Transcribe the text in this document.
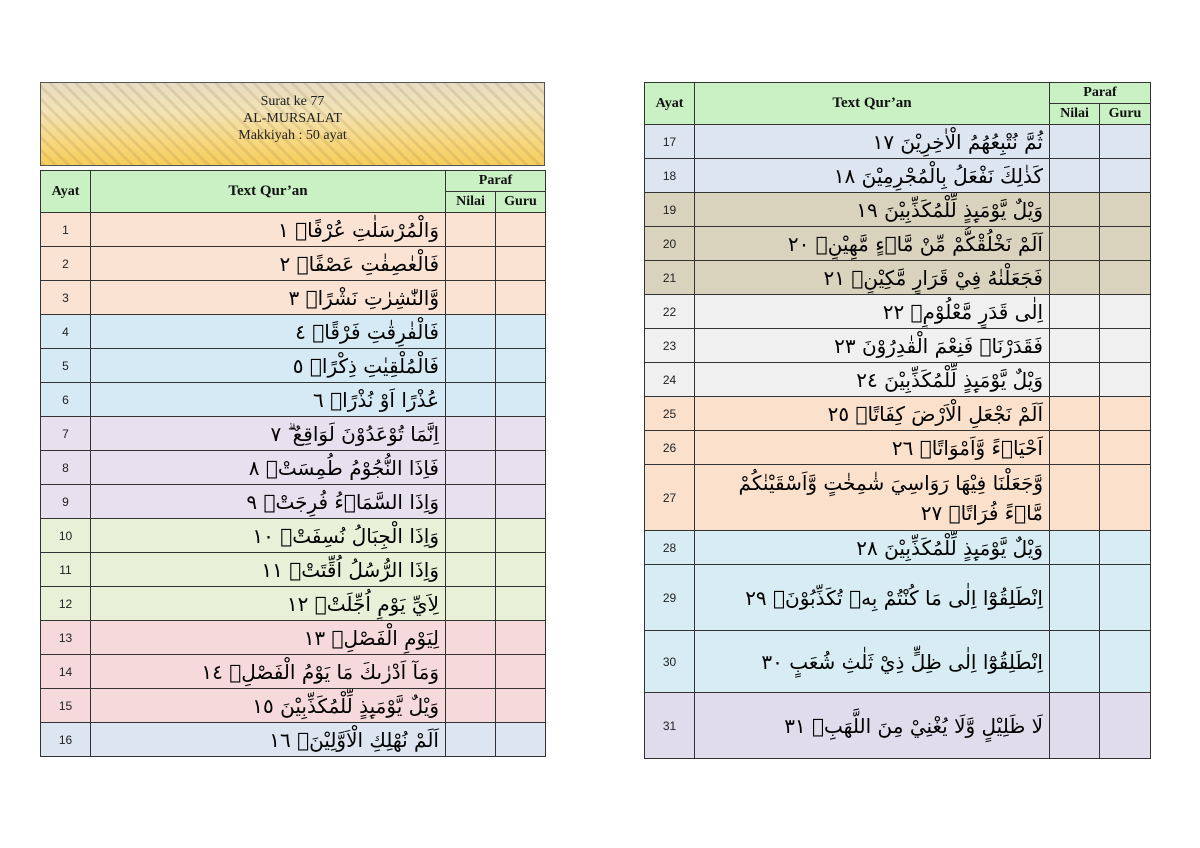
Surat ke 77
AL-MURSALAT
Makkiyah : 50 ayat
Ayat	Text Qur’an	Paraf	
		Nilai	Guru
1	وَالْمُرْسَلٰتِ عُرْفًاۙ ١		
2	فَالْعٰصِفٰتِ عَصْفًاۙ ٢		
3	وَّالنّٰشِرٰتِ نَشْرًاۙ ٣		
4	فَالْفٰرِقٰتِ فَرْقًاۙ ٤		
5	فَالْمُلْقِيٰتِ ذِكْرًاۙ ٥		
6	عُذْرًا اَوْ نُذْرًاۙ ٦		
7	اِنَّمَا تُوْعَدُوْنَ لَوَاقِعٌ ۗ ٧		
8	فَاِذَا النُّجُوْمُ طُمِسَتْۙ ٨		
9	وَاِذَا السَّمَاۤءُ فُرِجَتْۙ ٩		
10	وَاِذَا الْجِبَالُ نُسِفَتْۙ ١٠		
11	وَاِذَا الرُّسُلُ اُقِّتَتْۗ ١١		
12	لِاَيِّ يَوْمٍ اُجِّلَتْۗ ١٢		
13	لِيَوْمِ الْفَصْلِۚ ١٣		
14	وَمَآ اَدْرٰىكَ مَا يَوْمُ الْفَصْلِۗ ١٤		
15	وَيْلٌ يَّوْمَىِٕذٍ لِّلْمُكَذِّبِيْنَ ١٥		
16	اَلَمْ نُهْلِكِ الْاَوَّلِيْنَۗ ١٦		
Ayat	Text Qur’an	Paraf	
		Nilai	Guru
17	ثُمَّ نُتْبِعُهُمُ الْاٰخِرِيْنَ ١٧		
18	كَذٰلِكَ نَفْعَلُ بِالْمُجْرِمِيْنَ ١٨		
19	وَيْلٌ يَّوْمَىِٕذٍ لِّلْمُكَذِّبِيْنَ ١٩		
20	اَلَمْ نَخْلُقْكُّمْ مِّنْ مَّاۤءٍ مَّهِيْنٍۙ ٢٠		
21	فَجَعَلْنٰهُ فِيْ قَرَارٍ مَّكِيْنٍۙ ٢١		
22	اِلٰى قَدَرٍ مَّعْلُوْمٍۙ ٢٢		
23	فَقَدَرْنَاۖ فَنِعْمَ الْقٰدِرُوْنَ ٢٣		
24	وَيْلٌ يَّوْمَىِٕذٍ لِّلْمُكَذِّبِيْنَ ٢٤		
25	اَلَمْ نَجْعَلِ الْاَرْضَ كِفَاتًاۙ ٢٥		
26	اَحْيَاۤءً وَّاَمْوَاتًاۙ ٢٦		
27	وَّجَعَلْنَا فِيْهَا رَوَاسِيَ شٰمِخٰتٍ وَّاَسْقَيْنٰكُمْ مَّاۤءً فُرَاتًاۗ ٢٧		
28	وَيْلٌ يَّوْمَىِٕذٍ لِّلْمُكَذِّبِيْنَ ٢٨		
29	اِنْطَلِقُوْٓا اِلٰى مَا كُنْتُمْ بِهٖ تُكَذِّبُوْنَۚ ٢٩		
30	اِنْطَلِقُوْٓا اِلٰى ظِلٍّ ذِيْ ثَلٰثِ شُعَبٍ ٣٠		
31	لَا ظَلِيْلٍ وَّلَا يُغْنِيْ مِنَ اللَّهَبِۗ ٣١		
